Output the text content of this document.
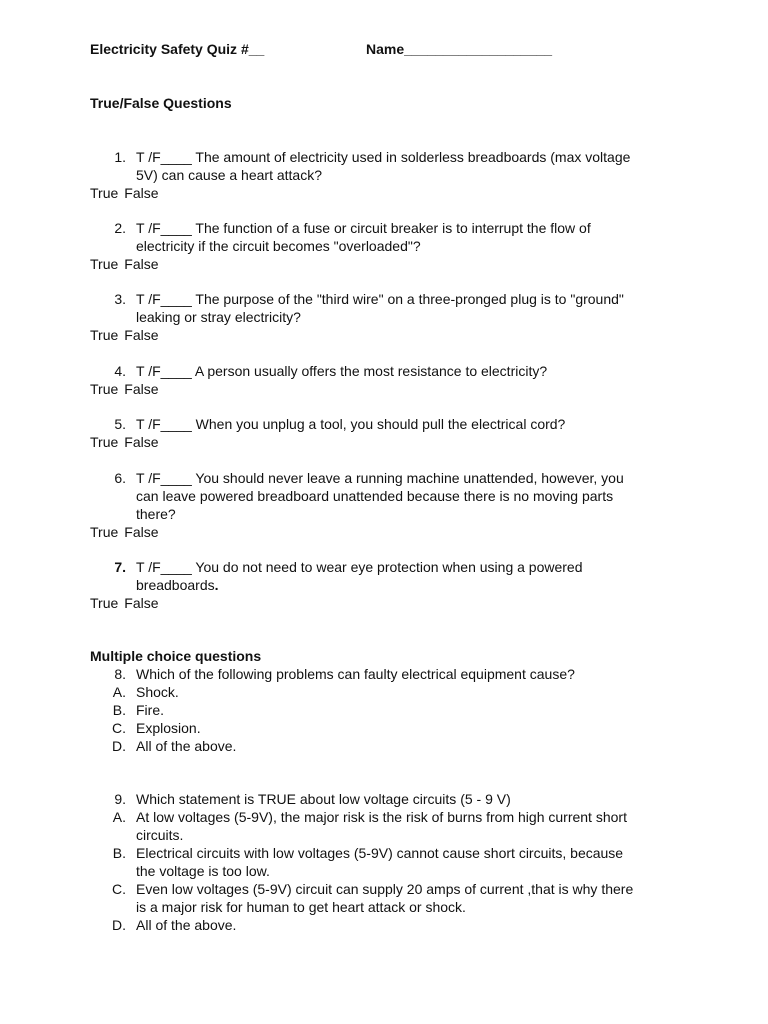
Electricity Safety Quiz #__	Name___________________
True/False Questions
1. T /F____ The amount of electricity used in solderless breadboards (max voltage
5V) can cause a heart attack?
True False
2. T /F____ The function of a fuse or circuit breaker is to interrupt the flow of
electricity if the circuit becomes "overloaded"?
True False
3. T /F____ The purpose of the "third wire" on a three-pronged plug is to "ground"
leaking or stray electricity?
True False
4. T /F____ A person usually offers the most resistance to electricity?
True False
5. T /F____ When you unplug a tool, you should pull the electrical cord?
True False
6. T /F____ You should never leave a running machine unattended, however, you
can leave powered breadboard unattended because there is no moving parts
there?
True False
7. T /F____ You do not need to wear eye protection when using a powered
breadboards.
True False
Multiple choice questions
8. Which of the following problems can faulty electrical equipment cause?
A. Shock.
B. Fire.
C. Explosion.
D. All of the above.
9. Which statement is TRUE about low voltage circuits (5 - 9 V)
A. At low voltages (5-9V), the major risk is the risk of burns from high current short
circuits.
B. Electrical circuits with low voltages (5-9V) cannot cause short circuits, because
the voltage is too low.
C. Even low voltages (5-9V) circuit can supply 20 amps of current ,that is why there
is a major risk for human to get heart attack or shock.
D. All of the above.
